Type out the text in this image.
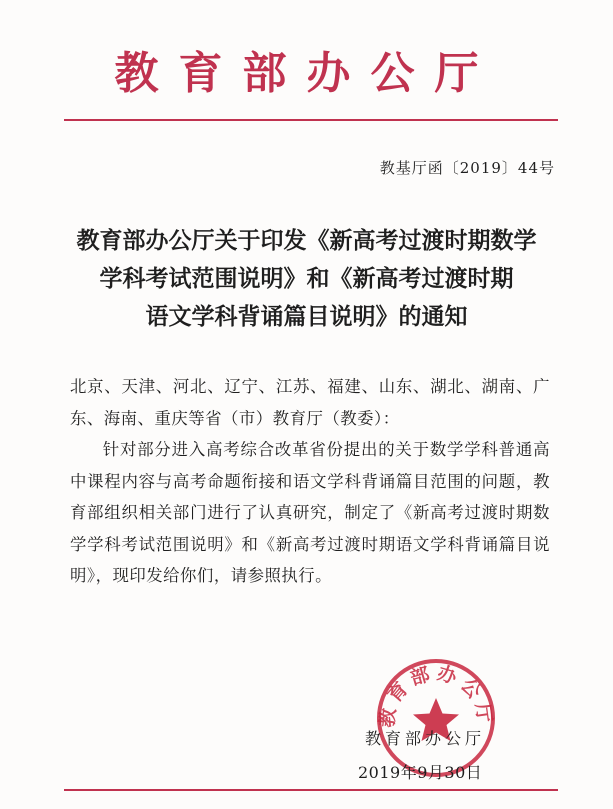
教育部办公厅
教基厅函〔2019〕44号
教育部办公厅关于印发《新高考过渡时期数学
学科考试范围说明》和《新高考过渡时期
语文学科背诵篇目说明》的通知

北京、天津、河北、辽宁、江苏、福建、山东、湖北、湖南、广东、海南、重庆等省（市）教育厅（教委）：

针对部分进入高考综合改革省份提出的关于数学学科普通高中课程内容与高考命题衔接和语文学科背诵篇目范围的问题，教育部组织相关部门进行了认真研究，制定了《新高考过渡时期数学学科考试范围说明》和《新高考过渡时期语文学科背诵篇目说明》，现印发给你们，请参照执行。

教育部办公厅
教育部办公厅
2019年9月30日
